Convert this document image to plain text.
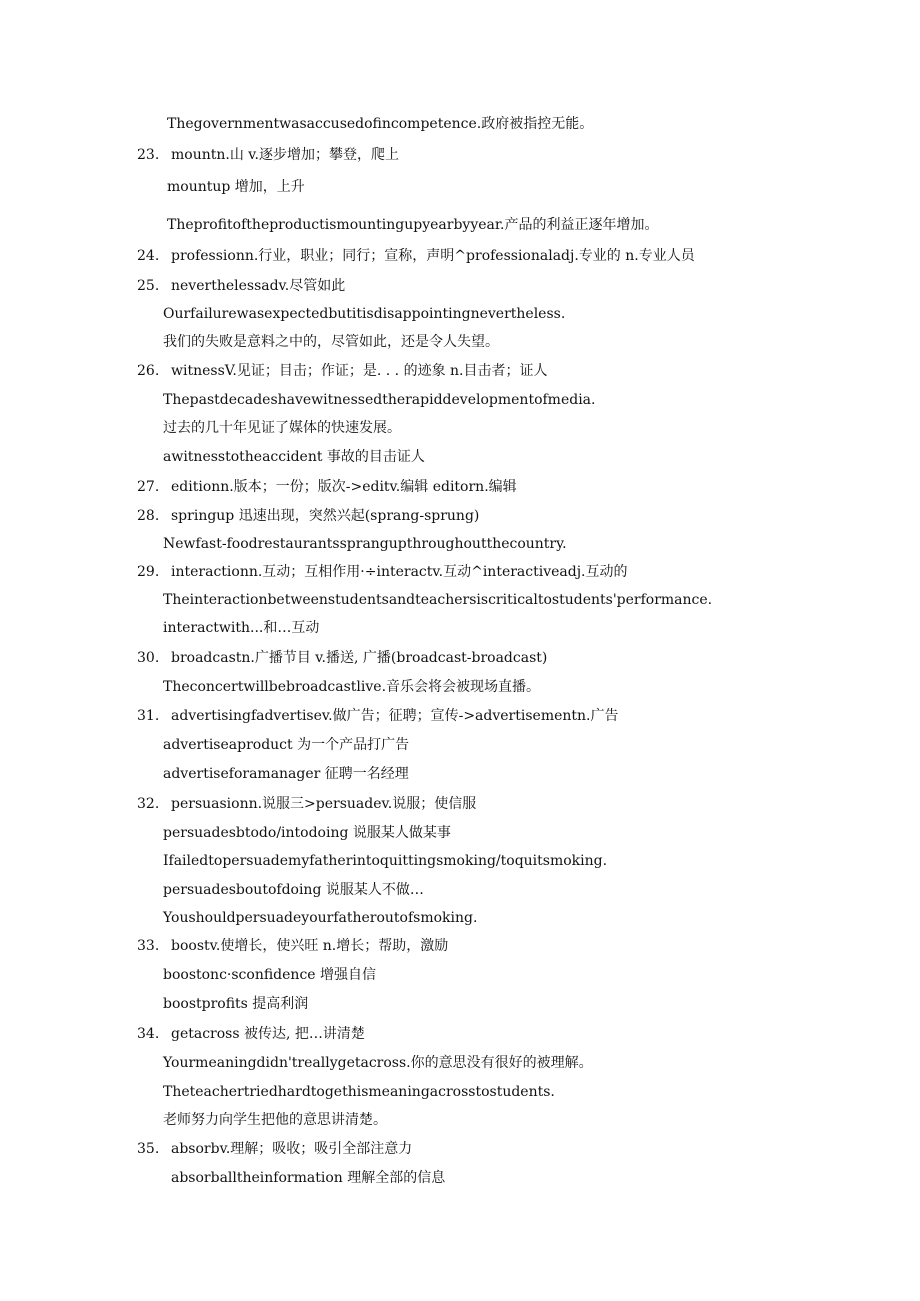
Thegovernmentwasaccusedofincompetence.政府被指控无能。
23. mountn.山 v.逐步增加；攀登，爬上
mountup 增加，上升
Theprofitoftheproductismountingupyearbyyear.产品的利益正逐年增加。
24. professionn.行业，职业；同行；宣称，声明^professionaladj.专业的 n.专业人员
25. neverthelessadv.尽管如此
Ourfailurewasexpectedbutitisdisappointingnevertheless.
我们的失败是意料之中的，尽管如此，还是令人失望。
26. witnessV.见证；目击；作证；是. . . 的迹象 n.目击者；证人
Thepastdecadeshavewitnessedtherapiddevelopmentofmedia.
过去的几十年见证了媒体的快速发展。
awitnesstotheaccident 事故的目击证人
27. editionn.版本；一份；版次->editv.编辑 editorn.编辑
28. springup 迅速出现，突然兴起(sprang-sprung)
Newfast-foodrestaurantssprangupthroughoutthecountry.
29. interactionn.互动；互相作用·÷interactv.互动^interactiveadj.互动的
Theinteractionbetweenstudentsandteachersiscriticaltostudents'performance.
interactwith...和…互动
30. broadcastn.广播节目 v.播送, 广播(broadcast-broadcast)
Theconcertwillbebroadcastlive.音乐会将会被现场直播。
31. advertisingfadvertisev.做广告；征聘；宣传->advertisementn.广告
advertiseaproduct 为一个产品打广告
advertiseforamanager 征聘一名经理
32. persuasionn.说服三>persuadev.说服；使信服
persuadesbtodo/intodoing 说服某人做某事
Ifailedtopersuademyfatherintoquittingsmoking/toquitsmoking.
persuadesboutofdoing 说服某人不做…
Youshouldpersuadeyourfatheroutofsmoking.
33. boostv.使增长，使兴旺 n.增长；帮助，激励
boostonc·sconfidence 增强自信
boostprofits 提高利润
34. getacross 被传达, 把…讲清楚
Yourmeaningdidn'treallygetacross.你的意思没有很好的被理解。
Theteachertriedhardtogethismeaningacrosstostudents.
老师努力向学生把他的意思讲清楚。
35. absorbv.理解；吸收；吸引全部注意力
absorballtheinformation 理解全部的信息
